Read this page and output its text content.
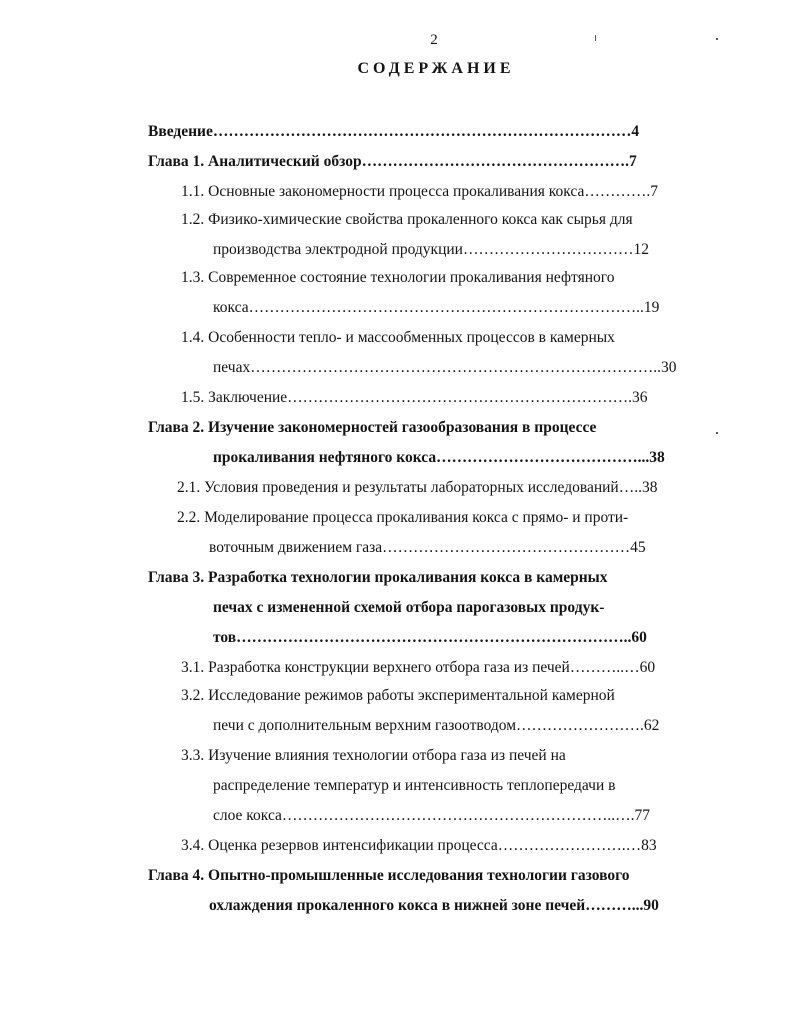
2
СОДЕРЖАНИЕ
Введение………………………………………………………………………4
Глава 1. Аналитический обзор…………………………………………….7
1.1. Основные закономерности процесса прокаливания кокса………….7
1.2. Физико-химические свойства прокаленного кокса как сырья для
производства электродной продукции……………………………12
1.3. Современное состояние технологии прокаливания нефтяного
кокса…………………………………………………………………..19
1.4. Особенности тепло- и массообменных процессов в камерных
печах……………………………………………………………………..30
1.5. Заключение………………………………………………………….36
Глава 2. Изучение закономерностей газообразования в процессе
прокаливания нефтяного кокса…………………………………...38
2.1. Условия проведения и результаты лабораторных исследований…..38
2.2. Моделирование процесса прокаливания кокса с прямо- и проти-
воточным движением газа…………………………………………45
Глава 3. Разработка технологии прокаливания кокса в камерных
печах с измененной схемой отбора парогазовых продук-
тов…………………………………………………………………..60
3.1. Разработка конструкции верхнего отбора газа из печей………..…60
3.2. Исследование режимов работы экспериментальной камерной
печи с дополнительным верхним газоотводом…………………….62
3.3. Изучение влияния технологии отбора газа из печей на
распределение температур и интенсивность теплопередачи в
слое кокса………………………………………………………..….77
3.4. Оценка резервов интенсификации процесса…………………….…83
Глава 4. Опытно-промышленные исследования технологии газового
охлаждения прокаленного кокса в нижней зоне печей………...90
